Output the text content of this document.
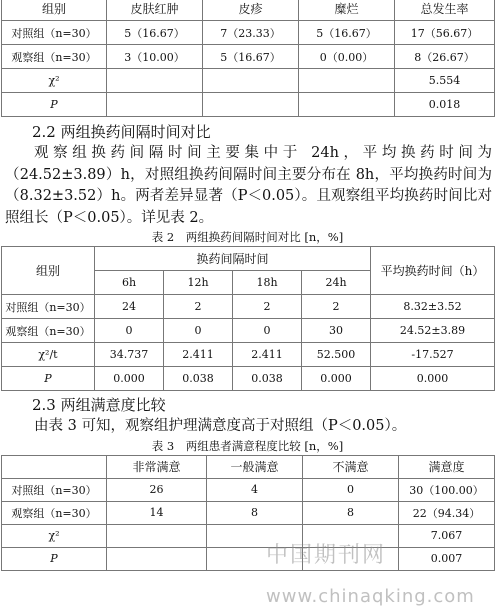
组别	皮肤红肿	皮疹	糜烂	总发生率
对照组（n=30）	5（16.67）	7（23.33）	5（16.67）	17（56.67）
观察组（n=30）	3（10.00）	5（16.67）	0（0.00）	8（26.67）
χ²				5.554
P				0.018

2.2 两组换药间隔时间对比

观察组换药间隔时间主要集中于 24h，平均换药时间为（24.52±3.89）h，对照组换药间隔时间主要分布在 8h，平均换药时间为（8.32±3.52）h。两者差异显著（P＜0.05）。且观察组平均换药时间比对照组长（P＜0.05）。详见表 2。

表 2　两组换药间隔时间对比 [n，%]

组别	换药间隔时间				平均换药时间（h）
	6h	12h	18h	24h	
对照组（n=30）	24	2	2	2	8.32±3.52
观察组（n=30）	0	0	0	30	24.52±3.89
χ²/t	34.737	2.411	2.411	52.500	-17.527
P	0.000	0.038	0.038	0.000	0.000

2.3 两组满意度比较

由表 3 可知，观察组护理满意度高于对照组（P＜0.05）。

表 3　两组患者满意程度比较 [n，%]

	非常满意	一般满意	不满意	满意度
对照组（n=30）	26	4	0	30（100.00）
观察组（n=30）	14	8	8	22（94.34）
χ²				7.067
P				0.007
中国期刊网
www.chinaqking.com
